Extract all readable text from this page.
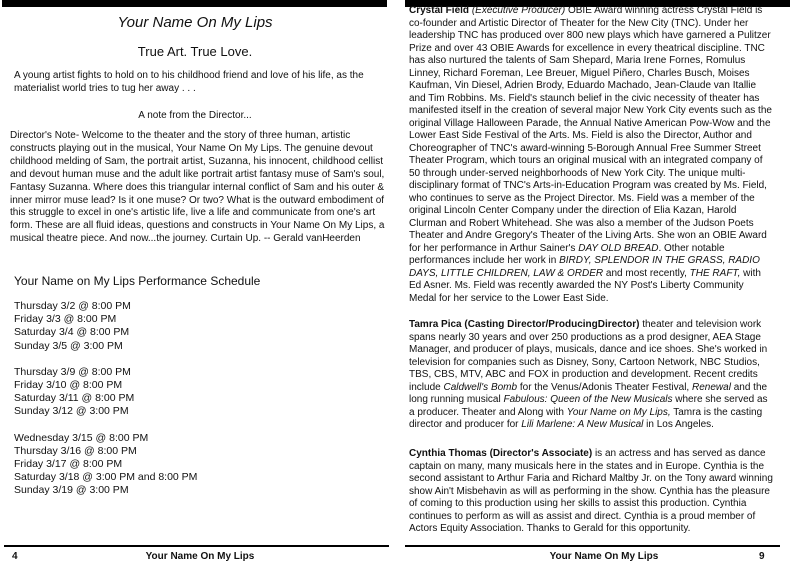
Your Name On My Lips
True Art. True Love.
A young artist fights to hold on to his childhood friend and love of his life, as the materialist world tries to tug her away . . .
A note from the Director...
Director's Note- Welcome to the theater and the story of three human, artistic constructs playing out in the musical, Your Name On My Lips. The genuine devout childhood melding of Sam, the portrait artist, Suzanna, his innocent, childhood cellist and devout human muse and the adult like portrait artist fantasy muse of Sam's soul, Fantasy Suzanna. Where does this triangular internal conflict of Sam and his outer & inner mirror muse lead? Is it one muse? Or two? What is the outward embodiment of this struggle to excel in one's artistic life, live a life and communicate from one's art form. These are all fluid ideas, questions and constructs in Your Name On My Lips, a musical theatre piece. And now...the journey. Curtain Up. -- Gerald vanHeerden
Your Name on My Lips Performance Schedule
Thursday 3/2 @ 8:00 PM
Friday 3/3 @ 8:00 PM
Saturday 3/4 @ 8:00 PM
Sunday 3/5 @ 3:00 PM
Thursday 3/9 @ 8:00 PM
Friday 3/10 @ 8:00 PM
Saturday 3/11 @ 8:00 PM
Sunday 3/12 @ 3:00 PM
Wednesday 3/15 @ 8:00 PM
Thursday 3/16 @ 8:00 PM
Friday 3/17 @ 8:00 PM
Saturday 3/18 @ 3:00 PM and 8:00 PM
Sunday 3/19 @ 3:00 PM
4	Your Name On My Lips
Crystal Field (Executive Producer) OBIE Award winning actress Crystal Field is co-founder and Artistic Director of Theater for the New City (TNC). Under her leadership TNC has produced over 800 new plays which have garnered a Pulitzer Prize and over 43 OBIE Awards for excellence in every theatrical discipline. TNC has also nurtured the talents of Sam Shepard, Maria Irene Fornes, Romulus Linney, Richard Foreman, Lee Breuer, Miguel Piñero, Charles Busch, Moises Kaufman, Vin Diesel, Adrien Brody, Eduardo Machado, Jean-Claude van Itallie and Tim Robbins. Ms. Field's staunch belief in the civic necessity of theater has manifested itself in the creation of several major New York City events such as the original Village Halloween Parade, the Annual Native American Pow-Wow and the Lower East Side Festival of the Arts. Ms. Field is also the Director, Author and Choreographer of TNC's award-winning 5-Borough Annual Free Summer Street Theater Program, which tours an original musical with an integrated company of 50 through under-served neighborhoods of New York City. The unique multi-disciplinary format of TNC's Arts-in-Education Program was created by Ms. Field, who continues to serve as the Project Director. Ms. Field was a member of the original Lincoln Center Company under the direction of Elia Kazan, Harold Clurman and Robert Whitehead. She was also a member of the Judson Poets Theater and Andre Gregory's Theater of the Living Arts. She won an OBIE Award for her performance in Arthur Sainer's DAY OLD BREAD. Other notable performances include her work in BIRDY, SPLENDOR IN THE GRASS, RADIO DAYS, LITTLE CHILDREN, LAW & ORDER and most recently, THE RAFT, with Ed Asner. Ms. Field was recently awarded the NY Post's Liberty Community Medal for her service to the Lower East Side.
Tamra Pica (Casting Director/ProducingDirector) theater and television work spans nearly 30 years and over 250 productions as a prod designer, AEA Stage Manager, and producer of plays, musicals, dance and ice shoes. She's worked in television for companies such as Disney, Sony, Cartoon Network, NBC Studios, TBS, CBS, MTV, ABC and FOX in production and development. Recent credits include Caldwell's Bomb for the Venus/Adonis Theater Festival, Renewal and the long running musical Fabulous: Queen of the New Musicals where she served as a producer. Theater and Along with Your Name on My Lips, Tamra is the casting director and producer for Lili Marlene: A New Musical in Los Angeles.
Cynthia Thomas (Director's Associate) is an actress and has served as dance captain on many, many musicals here in the states and in Europe. Cynthia is the second assistant to Arthur Faria and Richard Maltby Jr. on the Tony award winning show Ain't Misbehavin as will as performing in the show. Cynthia has the pleasure of coming to this production using her skills to assist this production. Cynthia continues to perform as will as assist and direct. Cynthia is a proud member of Actors Equity Association. Thanks to Gerald for this opportunity.
Your Name On My Lips	9
